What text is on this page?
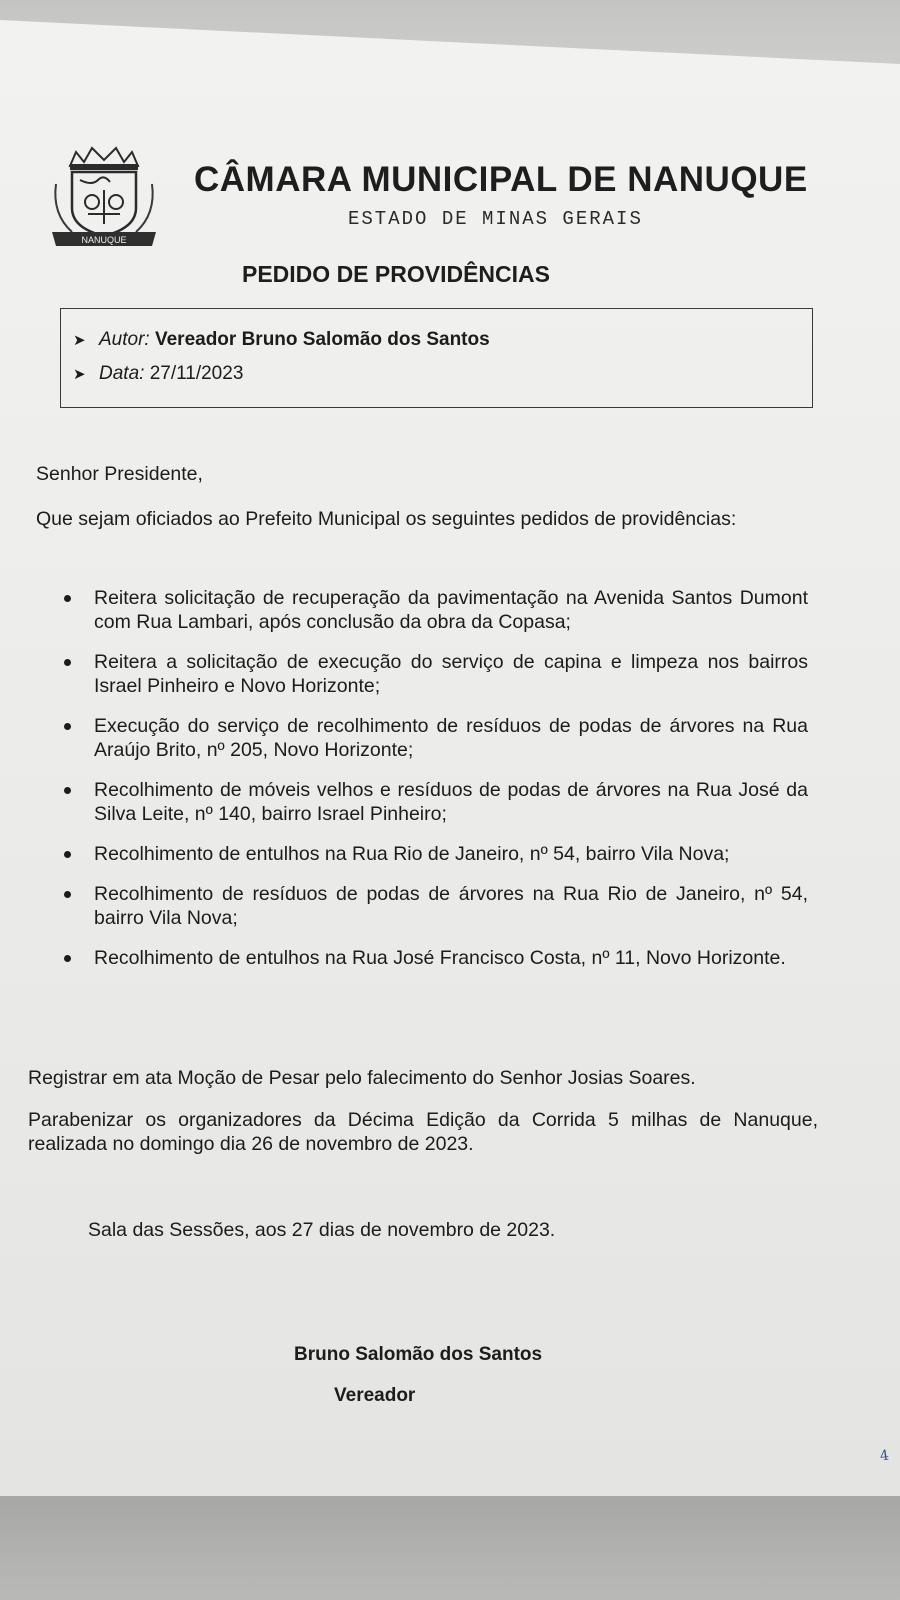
NANUQUE
CÂMARA MUNICIPAL DE NANUQUE
ESTADO DE MINAS GERAIS
PEDIDO DE PROVIDÊNCIAS
➤ Autor: Vereador Bruno Salomão dos Santos
➤ Data: 27/11/2023
Senhor Presidente,
Que sejam oficiados ao Prefeito Municipal os seguintes pedidos de providências:
Reitera solicitação de recuperação da pavimentação na Avenida Santos Dumont com Rua Lambari, após conclusão da obra da Copasa;
Reitera a solicitação de execução do serviço de capina e limpeza nos bairros Israel Pinheiro e Novo Horizonte;
Execução do serviço de recolhimento de resíduos de podas de árvores na Rua Araújo Brito, nº 205, Novo Horizonte;
Recolhimento de móveis velhos e resíduos de podas de árvores na Rua José da Silva Leite, nº 140, bairro Israel Pinheiro;
Recolhimento de entulhos na Rua Rio de Janeiro, nº 54, bairro Vila Nova;
Recolhimento de resíduos de podas de árvores na Rua Rio de Janeiro, nº 54, bairro Vila Nova;
Recolhimento de entulhos na Rua José Francisco Costa, nº 11, Novo Horizonte.
Registrar em ata Moção de Pesar pelo falecimento do Senhor Josias Soares.
Parabenizar os organizadores da Décima Edição da Corrida 5 milhas de Nanuque, realizada no domingo dia 26 de novembro de 2023.
Sala das Sessões, aos 27 dias de novembro de 2023.
Bruno Salomão dos Santos
Vereador
4
